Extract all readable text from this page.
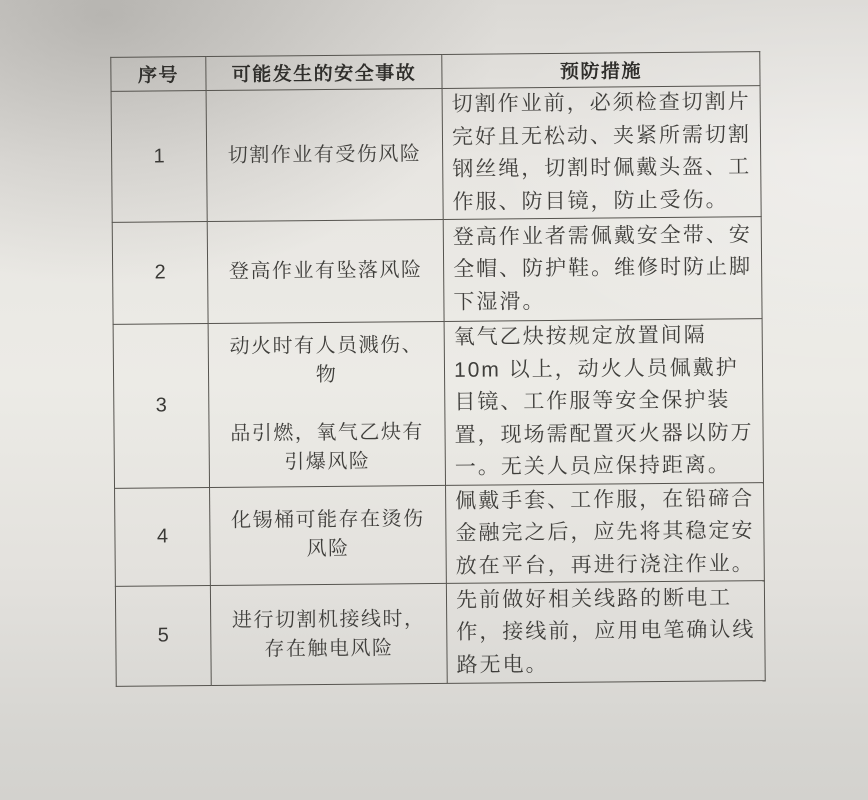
序号	可能发生的安全事故	预防措施
1	切割作业有受伤风险	切割作业前，必须检查切割片
完好且无松动、夹紧所需切割
钢丝绳，切割时佩戴头盔、工
作服、防目镜，防止受伤。
2	登高作业有坠落风险	登高作业者需佩戴安全带、安
全帽、防护鞋。维修时防止脚
下湿滑。
3	动火时有人员溅伤、
物

品引燃，氧气乙炔有
引爆风险	氧气乙炔按规定放置间隔
10m 以上，动火人员佩戴护
目镜、工作服等安全保护装
置，现场需配置灭火器以防万
一。无关人员应保持距离。
4	化锡桶可能存在烫伤
风险	佩戴手套、工作服，在铅碲合
金融完之后，应先将其稳定安
放在平台，再进行浇注作业。
5	进行切割机接线时，
存在触电风险	先前做好相关线路的断电工
作，接线前，应用电笔确认线
路无电。
